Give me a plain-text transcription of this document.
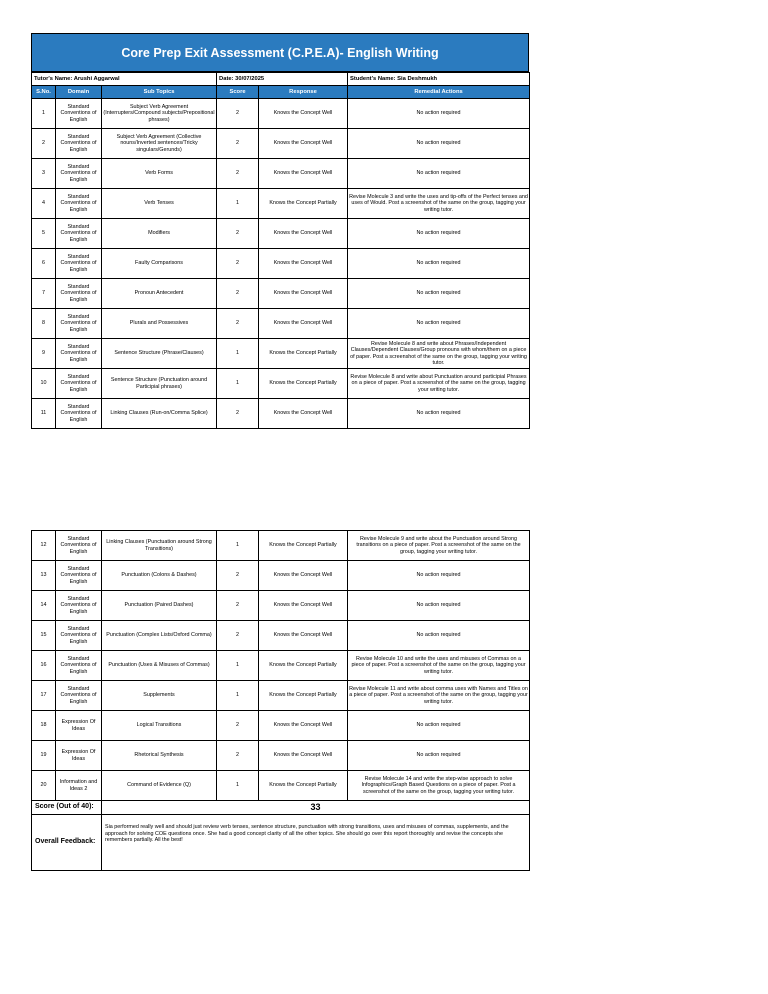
Core Prep Exit Assessment (C.P.E.A)- English Writing
Tutor's Name: Arushi Aggarwal			Date: 30/07/2025		Student's Name: Sia Deshmukh
S.No.	Domain	Sub Topics	Score	Response	Remedial Actions
1	Standard Conventions of English	Subject Verb Agreement (Interrupters/Compound subjects/Prepositional phrases)	2	Knows the Concept Well	No action required
2	Standard Conventions of English	Subject Verb Agreement (Collective nouns/Inverted sentences/Tricky singulars/Gerunds)	2	Knows the Concept Well	No action required
3	Standard Conventions of English	Verb Forms	2	Knows the Concept Well	No action required
4	Standard Conventions of English	Verb Tenses	1	Knows the Concept Partially	Revise Molecule 3 and write the uses and tip-offs of the Perfect tenses and uses of Would. Post a screenshot of the same on the group, tagging your writing tutor.
5	Standard Conventions of English	Modifiers	2	Knows the Concept Well	No action required
6	Standard Conventions of English	Faulty Comparisons	2	Knows the Concept Well	No action required
7	Standard Conventions of English	Pronoun Antecedent	2	Knows the Concept Well	No action required
8	Standard Conventions of English	Plurals and Possessives	2	Knows the Concept Well	No action required
9	Standard Conventions of English	Sentence Structure (Phrase/Clauses)	1	Knows the Concept Partially	Revise Molecule 8 and write about Phrases/Independent Clauses/Dependent Clauses/Group pronouns with whom/them on a piece of paper. Post a screenshot of the same on the group, tagging your writing tutor.
10	Standard Conventions of English	Sentence Structure (Punctuation around Participial phrases)	1	Knows the Concept Partially	Revise Molecule 8 and write about Punctuation around participial Phrases on a piece of paper. Post a screenshot of the same on the group, tagging your writing tutor.
11	Standard Conventions of English	Linking Clauses (Run-on/Comma Splice)	2	Knows the Concept Well	No action required
12	Standard Conventions of English	Linking Clauses (Punctuation around Strong Transitions)	1	Knows the Concept Partially	Revise Molecule 9 and write about the Punctuation around Strong transitions on a piece of paper. Post a screenshot of the same on the group, tagging your writing tutor.
13	Standard Conventions of English	Punctuation (Colons & Dashes)	2	Knows the Concept Well	No action required
14	Standard Conventions of English	Punctuation (Paired Dashes)	2	Knows the Concept Well	No action required
15	Standard Conventions of English	Punctuation (Complex Lists/Oxford Comma)	2	Knows the Concept Well	No action required
16	Standard Conventions of English	Punctuation (Uses & Misuses of Commas)	1	Knows the Concept Partially	Revise Molecule 10 and write the uses and misuses of Commas on a piece of paper. Post a screenshot of the same on the group, tagging your writing tutor.
17	Standard Conventions of English	Supplements	1	Knows the Concept Partially	Revise Molecule 11 and write about comma uses with Names and Titles on a piece of paper. Post a screenshot of the same on the group, tagging your writing tutor.
18	Expression Of Ideas	Logical Transitions	2	Knows the Concept Well	No action required
19	Expression Of Ideas	Rhetorical Synthesis	2	Knows the Concept Well	No action required
20	Information and Ideas 2	Command of Evidence (Q)	1	Knows the Concept Partially	Revise Molecule 14 and write the step-wise approach to solve Infographics/Graph Based Questions on a piece of paper. Post a screenshot of the same on the group, tagging your writing tutor.
Score (Out of 40):		33			
Overall Feedback:		Sia performed really well and should just review verb tenses, sentence structure, punctuation with strong transitions, uses and misuses of commas, supplements, and the approach for solving COE questions once. She had a good concept clarity of all the other topics. She should go over this report thoroughly and revise the concepts she remembers partially. All the best!			
